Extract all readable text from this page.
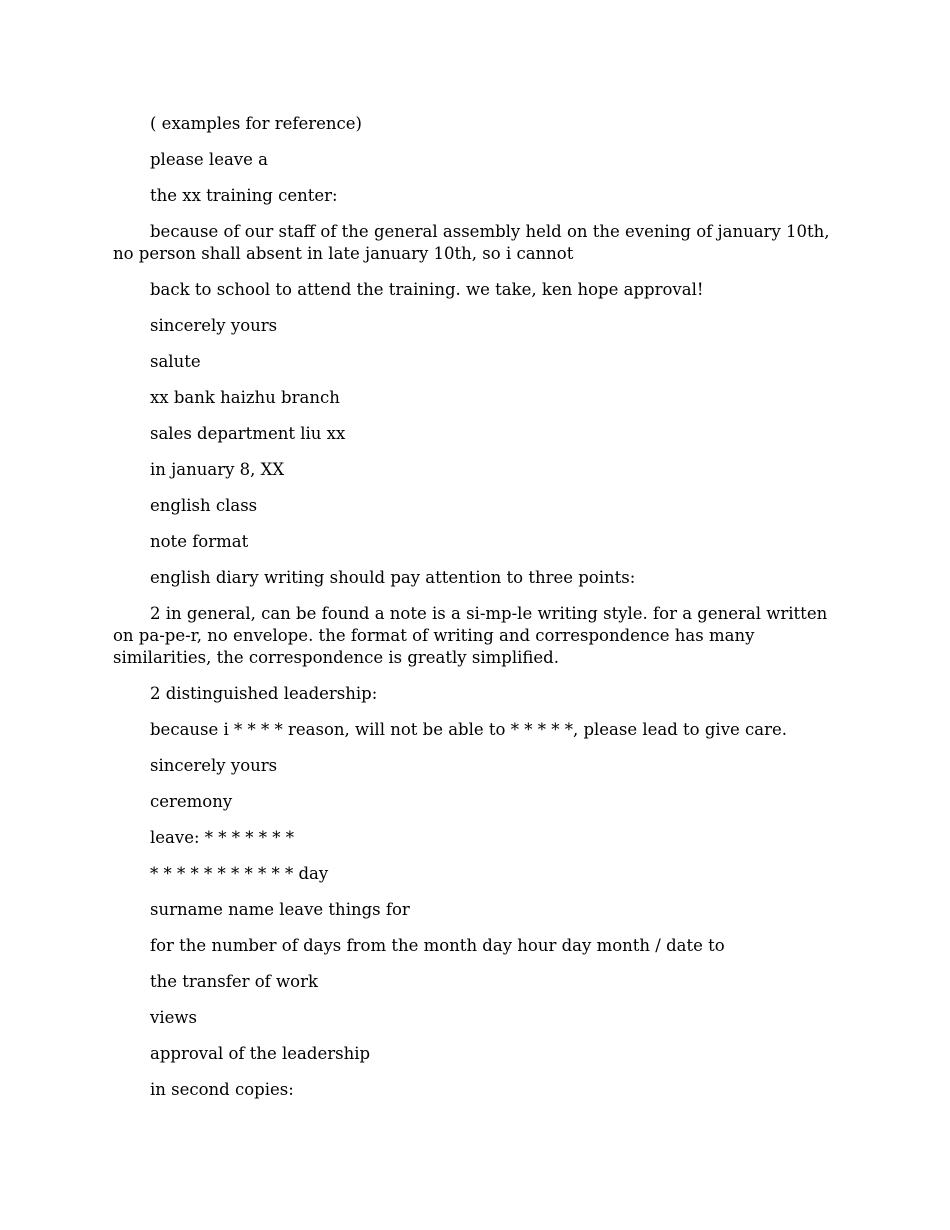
( examples for reference)

please leave a

the xx training center:

because of our staff of the general assembly held on the evening of january 10th, no person shall absent in late january 10th, so i cannot

back to school to attend the training. we take, ken hope approval!

sincerely yours

salute

xx bank haizhu branch

sales department liu xx

in january 8, XX

english class

note format

english diary writing should pay attention to three points:

2 in general, can be found a note is a si-mp-le writing style. for a general written on pa-pe-r, no envelope. the format of writing and correspondence has many similarities, the correspondence is greatly simplified.

2 distinguished leadership:

because i * * * * reason, will not be able to * * * * *, please lead to give care.

sincerely yours

ceremony

leave: * * * * * * *

* * * * * * * * * * * day

surname name leave things for

for the number of days from the month day hour day month / date to

the transfer of work

views

approval of the leadership

in second copies:
